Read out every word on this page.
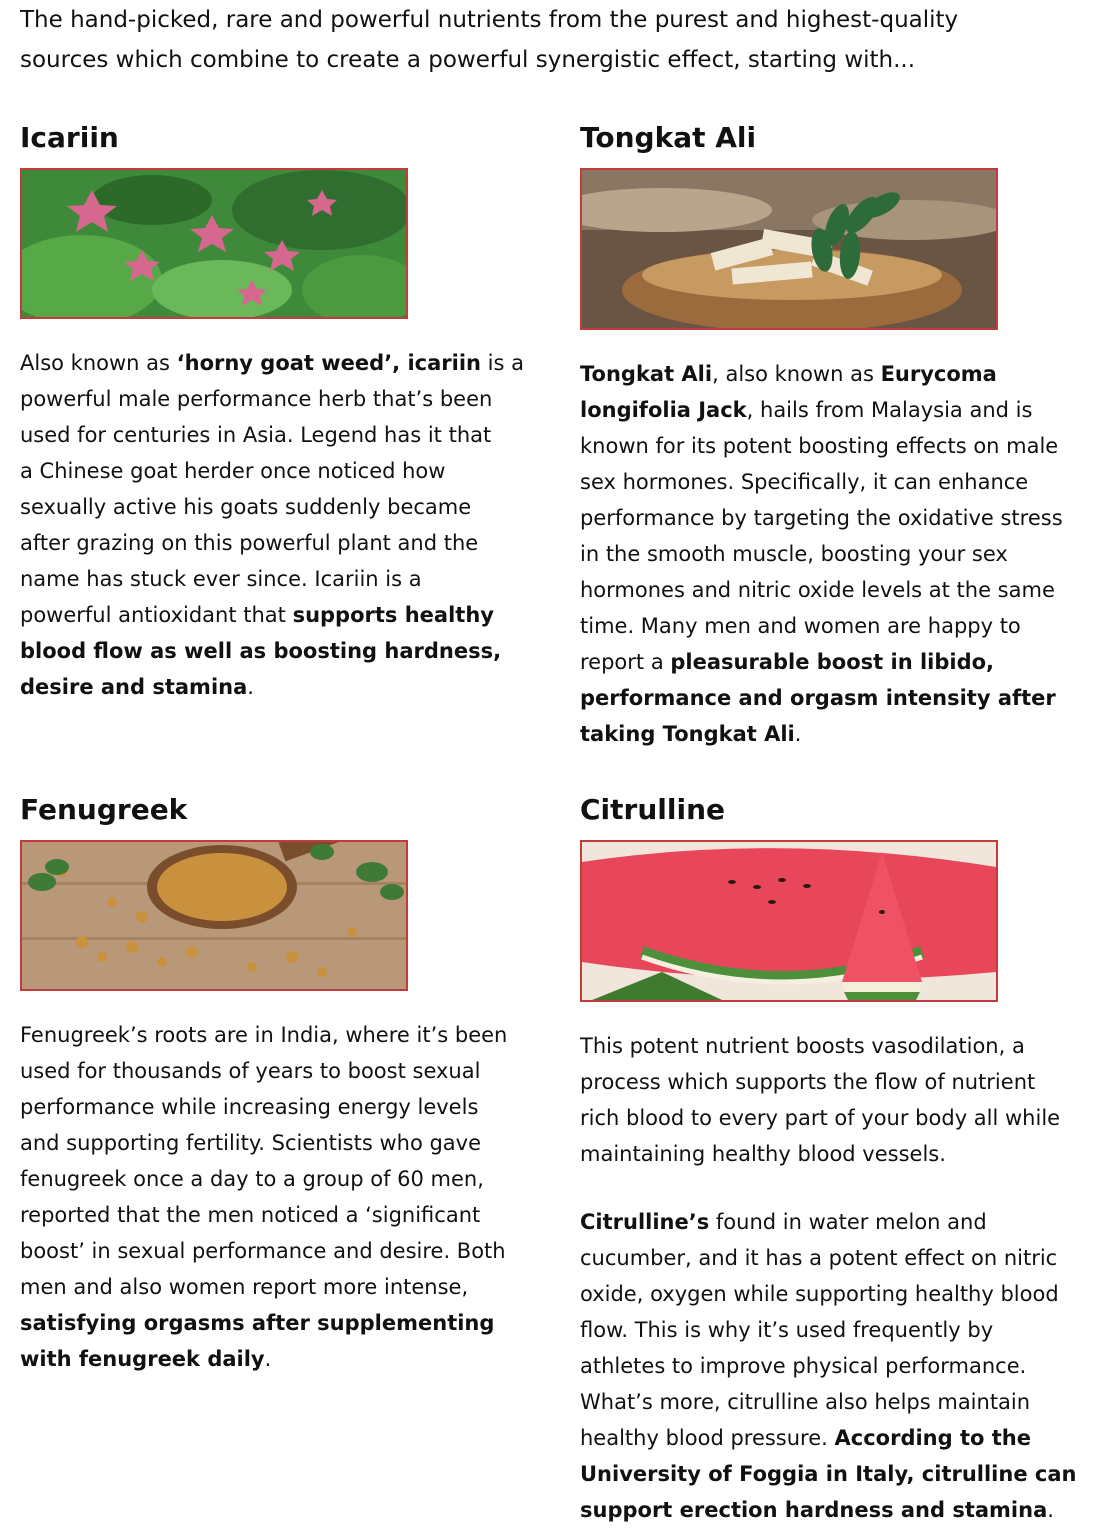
The hand-picked, rare and powerful nutrients from the purest and highest-quality
sources which combine to create a powerful synergistic effect, starting with...
Icariin
Also known as ‘horny goat weed’, icariin is a
powerful male performance herb that’s been
used for centuries in Asia. Legend has it that
a Chinese goat herder once noticed how
sexually active his goats suddenly became
after grazing on this powerful plant and the
name has stuck ever since. Icariin is a
powerful antioxidant that supports healthy
blood flow as well as boosting hardness,
desire and stamina.
Tongkat Ali
Tongkat Ali, also known as Eurycoma
longifolia Jack, hails from Malaysia and is
known for its potent boosting effects on male
sex hormones. Specifically, it can enhance
performance by targeting the oxidative stress
in the smooth muscle, boosting your sex
hormones and nitric oxide levels at the same
time. Many men and women are happy to
report a pleasurable boost in libido,
performance and orgasm intensity after
taking Tongkat Ali.
Fenugreek
Fenugreek’s roots are in India, where it’s been
used for thousands of years to boost sexual
performance while increasing energy levels
and supporting fertility. Scientists who gave
fenugreek once a day to a group of 60 men,
reported that the men noticed a ‘significant
boost’ in sexual performance and desire. Both
men and also women report more intense,
satisfying orgasms after supplementing
with fenugreek daily.
Citrulline
This potent nutrient boosts vasodilation, a
process which supports the flow of nutrient
rich blood to every part of your body all while
maintaining healthy blood vessels.
Citrulline’s found in water melon and
cucumber, and it has a potent effect on nitric
oxide, oxygen while supporting healthy blood
flow. This is why it’s used frequently by
athletes to improve physical performance.
What’s more, citrulline also helps maintain
healthy blood pressure. According to the
University of Foggia in Italy, citrulline can
support erection hardness and stamina.
